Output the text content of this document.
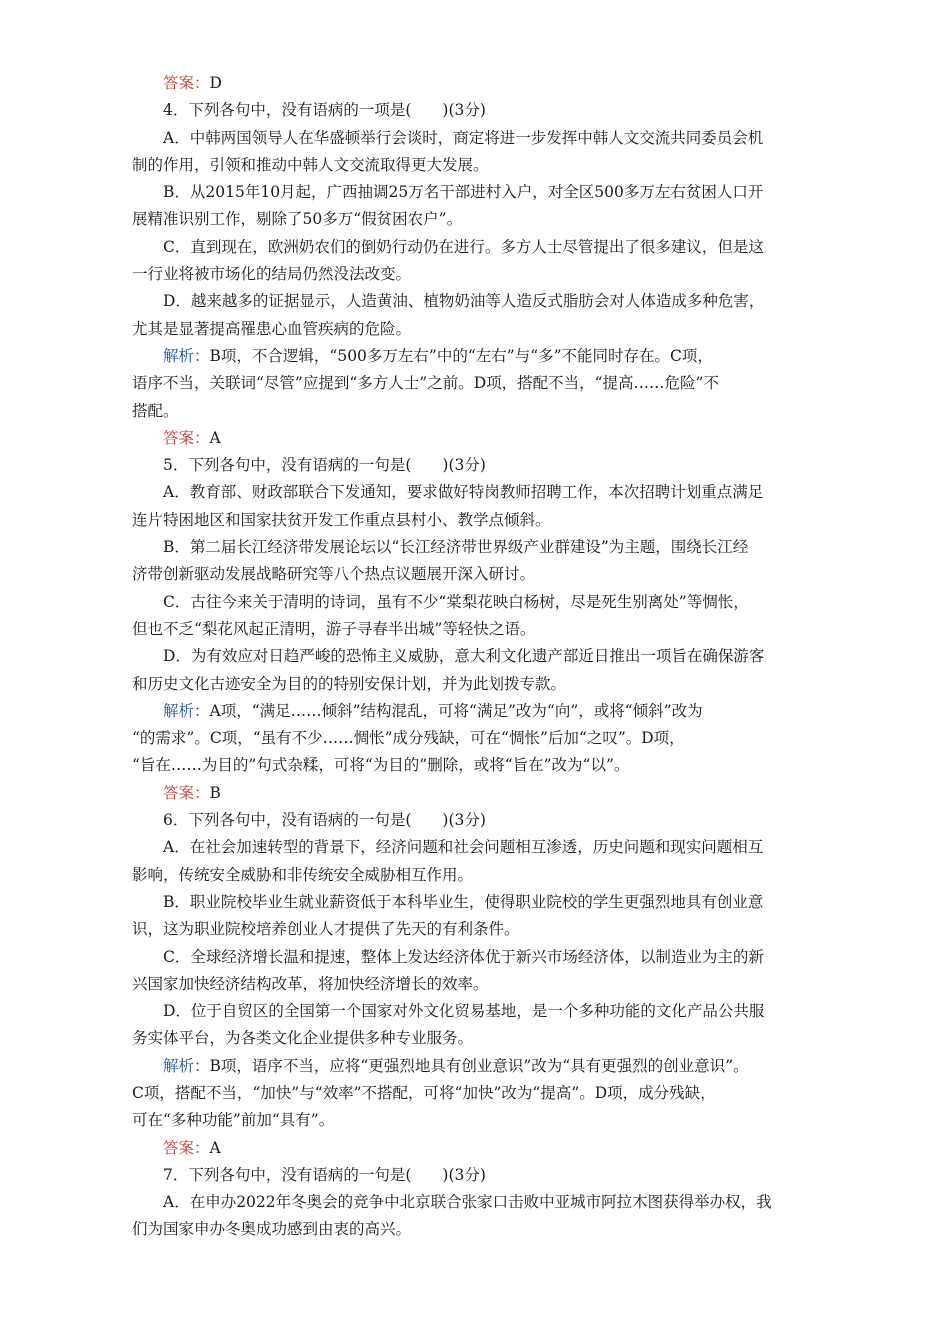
答案：D
4．下列各句中，没有语病的一项是(　　)(3分)
A．中韩两国领导人在华盛顿举行会谈时，商定将进一步发挥中韩人文交流共同委员会机
制的作用，引领和推动中韩人文交流取得更大发展。
B．从2015年10月起，广西抽调25万名干部进村入户，对全区500多万左右贫困人口开
展精准识别工作，剔除了50多万“假贫困农户”。
C．直到现在，欧洲奶农们的倒奶行动仍在进行。多方人士尽管提出了很多建议，但是这
一行业将被市场化的结局仍然没法改变。
D．越来越多的证据显示，人造黄油、植物奶油等人造反式脂肪会对人体造成多种危害，
尤其是显著提高罹患心血管疾病的危险。
解析：B项，不合逻辑，“500多万左右”中的“左右”与“多”不能同时存在。C项，
语序不当，关联词“尽管”应提到“多方人士”之前。D项，搭配不当，“提高……危险”不
搭配。
答案：A
5．下列各句中，没有语病的一句是(　　)(3分)
A．教育部、财政部联合下发通知，要求做好特岗教师招聘工作，本次招聘计划重点满足
连片特困地区和国家扶贫开发工作重点县村小、教学点倾斜。
B．第二届长江经济带发展论坛以“长江经济带世界级产业群建设”为主题，围绕长江经
济带创新驱动发展战略研究等八个热点议题展开深入研讨。
C．古往今来关于清明的诗词，虽有不少“棠梨花映白杨树，尽是死生别离处”等惆怅，
但也不乏“梨花风起正清明，游子寻春半出城”等轻快之语。
D．为有效应对日趋严峻的恐怖主义威胁，意大利文化遗产部近日推出一项旨在确保游客
和历史文化古迹安全为目的的特别安保计划，并为此划拨专款。
解析：A项，“满足……倾斜”结构混乱，可将“满足”改为“向”，或将“倾斜”改为
“的需求”。C项，“虽有不少……惆怅”成分残缺，可在“惆怅”后加“之叹”。D项，
“旨在……为目的”句式杂糅，可将“为目的”删除，或将“旨在”改为“以”。
答案：B
6．下列各句中，没有语病的一句是(　　)(3分)
A．在社会加速转型的背景下，经济问题和社会问题相互渗透，历史问题和现实问题相互
影响，传统安全威胁和非传统安全威胁相互作用。
B．职业院校毕业生就业薪资低于本科毕业生，使得职业院校的学生更强烈地具有创业意
识，这为职业院校培养创业人才提供了先天的有利条件。
C．全球经济增长温和提速，整体上发达经济体优于新兴市场经济体，以制造业为主的新
兴国家加快经济结构改革，将加快经济增长的效率。
D．位于自贸区的全国第一个国家对外文化贸易基地，是一个多种功能的文化产品公共服
务实体平台，为各类文化企业提供多种专业服务。
解析：B项，语序不当，应将“更强烈地具有创业意识”改为“具有更强烈的创业意识”。
C项，搭配不当，“加快”与“效率”不搭配，可将“加快”改为“提高”。D项，成分残缺，
可在“多种功能”前加“具有”。
答案：A
7．下列各句中，没有语病的一句是(　　)(3分)
A．在申办2022年冬奥会的竞争中北京联合张家口击败中亚城市阿拉木图获得举办权，我
们为国家申办冬奥成功感到由衷的高兴。
